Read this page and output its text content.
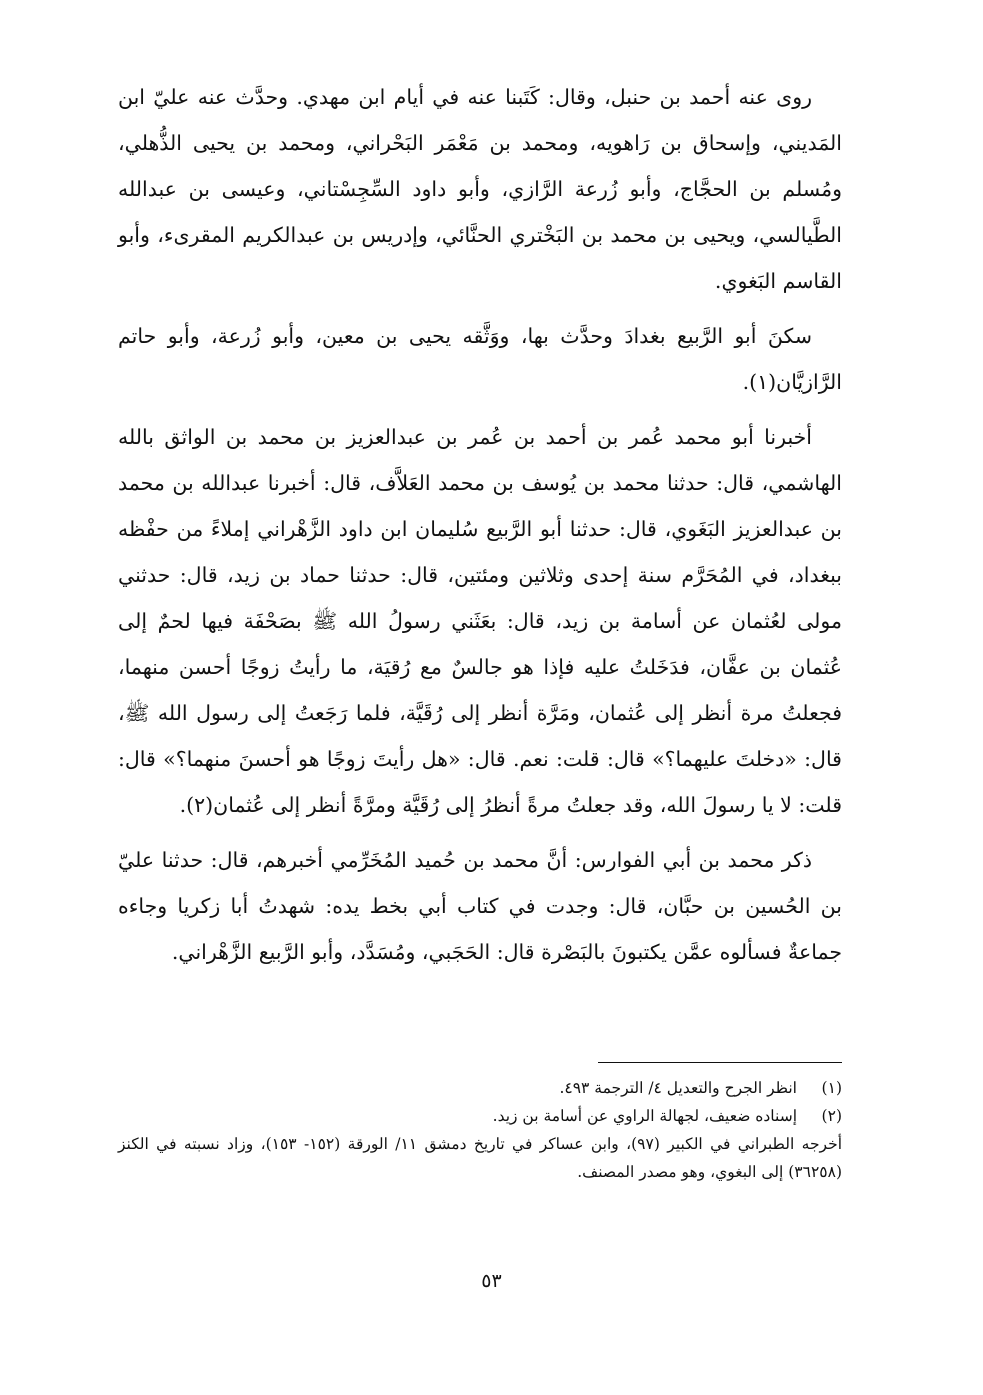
روى عنه أحمد بن حنبل، وقال: كَتَبنا عنه في أيام ابن مهدي. وحدَّث عنه عليّ ابن المَديني، وإسحاق بن رَاهويه، ومحمد بن مَعْمَر البَحْراني، ومحمد بن يحيى الذُّهلي، ومُسلم بن الحجَّاج، وأبو زُرعة الرَّازي، وأبو داود السِّجِسْتاني، وعيسى بن عبدالله الطَّيالسي، ويحيى بن محمد بن البَخْتري الحنَّائي، وإدريس بن عبدالكريم المقرىء، وأبو القاسم البَغوي.

سكنَ أبو الرَّبيع بغدادَ وحدَّث بها، ووَثَّقه يحيى بن معين، وأبو زُرعة، وأبو حاتم الرَّازيَّان(١).

أخبرنا أبو محمد عُمر بن أحمد بن عُمر بن عبدالعزيز بن محمد بن الواثق بالله الهاشمي، قال: حدثنا محمد بن يُوسف بن محمد العَلاَّف، قال: أخبرنا عبدالله بن محمد بن عبدالعزيز البَغَوي، قال: حدثنا أبو الرَّبيع سُليمان ابن داود الزَّهْراني إملاءً من حفْظه ببغداد، في المُحَرَّم سنة إحدى وثلاثين ومئتين، قال: حدثنا حماد بن زيد، قال: حدثني مولى لعُثمان عن أسامة بن زيد، قال: بعَثَني رسولُ الله ﷺ بصَحْفَة فيها لحمٌ إلى عُثمان بن عفَّان، فدَخَلتُ عليه فإذا هو جالسٌ مع رُقيَة، ما رأيتُ زوجًا أحسن منهما، فجعلتُ مرة أنظر إلى عُثمان، ومَرَّة أنظر إلى رُقَيَّة، فلما رَجَعتُ إلى رسول الله ﷺ، قال: «دخلتَ عليهما؟» قال: قلت: نعم. قال: «هل رأيتَ زوجًا هو أحسنَ منهما؟» قال: قلت: لا يا رسولَ الله، وقد جعلتُ مرةً أنظرُ إلى رُقَيَّة ومرَّةً أنظر إلى عُثمان(٢).

ذكر محمد بن أبي الفوارس: أنَّ محمد بن حُميد المُخَرِّمي أخبرهم، قال: حدثنا عليّ بن الحُسين بن حبَّان، قال: وجدت في كتاب أبي بخط يده: شهدتُ أبا زكريا وجاءه جماعةٌ فسألوه عمَّن يكتبونَ بالبَصْرة قال: الحَجَبي، ومُسَدَّد، وأبو الرَّبيع الزَّهْراني.

(١)
انظر الجرح والتعديل ٤/ الترجمة ٤٩٣.
(٢)
إسناده ضعيف، لجهالة الراوي عن أسامة بن زيد.
أخرجه الطبراني في الكبير (٩٧)، وابن عساكر في تاريخ دمشق ١١/ الورقة (١٥٢- ١٥٣)، وزاد نسبته في الكنز (٣٦٢٥٨) إلى البغوي، وهو مصدر المصنف.
٥٣
